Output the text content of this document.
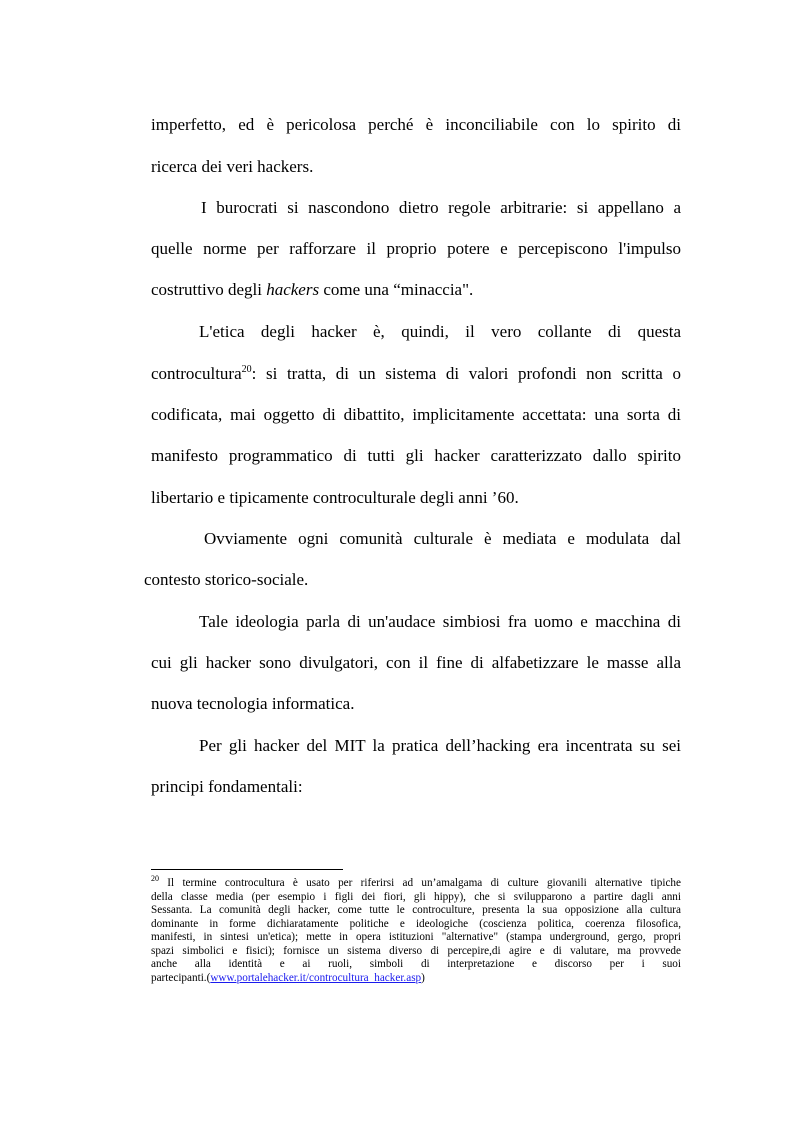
imperfetto, ed è pericolosa perché è inconciliabile con lo spirito di
ricerca dei veri hackers.
I burocrati si nascondono dietro regole arbitrarie: si appellano a
quelle norme per rafforzare il proprio potere e percepiscono l'impulso
costruttivo degli hackers come una “minaccia".
L'etica degli hacker è, quindi, il vero collante di questa
controcultura$^{20}$: si tratta, di un sistema di valori profondi non scritta o
codificata, mai oggetto di dibattito, implicitamente accettata: una sorta di
manifesto programmatico di tutti gli hacker caratterizzato dallo spirito
libertario e tipicamente controculturale degli anni ’60.
Ovviamente ogni comunità culturale è mediata e modulata dal
contesto storico-sociale.
Tale ideologia parla di un'audace simbiosi fra uomo e macchina di
cui gli hacker sono divulgatori, con il fine di alfabetizzare le masse alla
nuova tecnologia informatica.
Per gli hacker del MIT la pratica dell’hacking era incentrata su sei
principi fondamentali:
$^{20}$ Il termine controcultura è usato per riferirsi ad un’amalgama di culture giovanili alternative tipiche
della classe media (per esempio i figli dei fiori, gli hippy), che si svilupparono a partire dagli anni
Sessanta. La comunità degli hacker, come tutte le controculture, presenta la sua opposizione alla cultura
dominante in forme dichiaratamente politiche e ideologiche (coscienza politica, coerenza filosofica,
manifesti, in sintesi un'etica); mette in opera istituzioni "alternative" (stampa underground, gergo, propri
spazi simbolici e fisici); fornisce un sistema diverso di percepire,di agire e di valutare, ma provvede
anche alla identità e ai ruoli, simboli di interpretazione e discorso per i suoi
partecipanti.(www.portalehacker.it/controcultura_hacker.asp)
